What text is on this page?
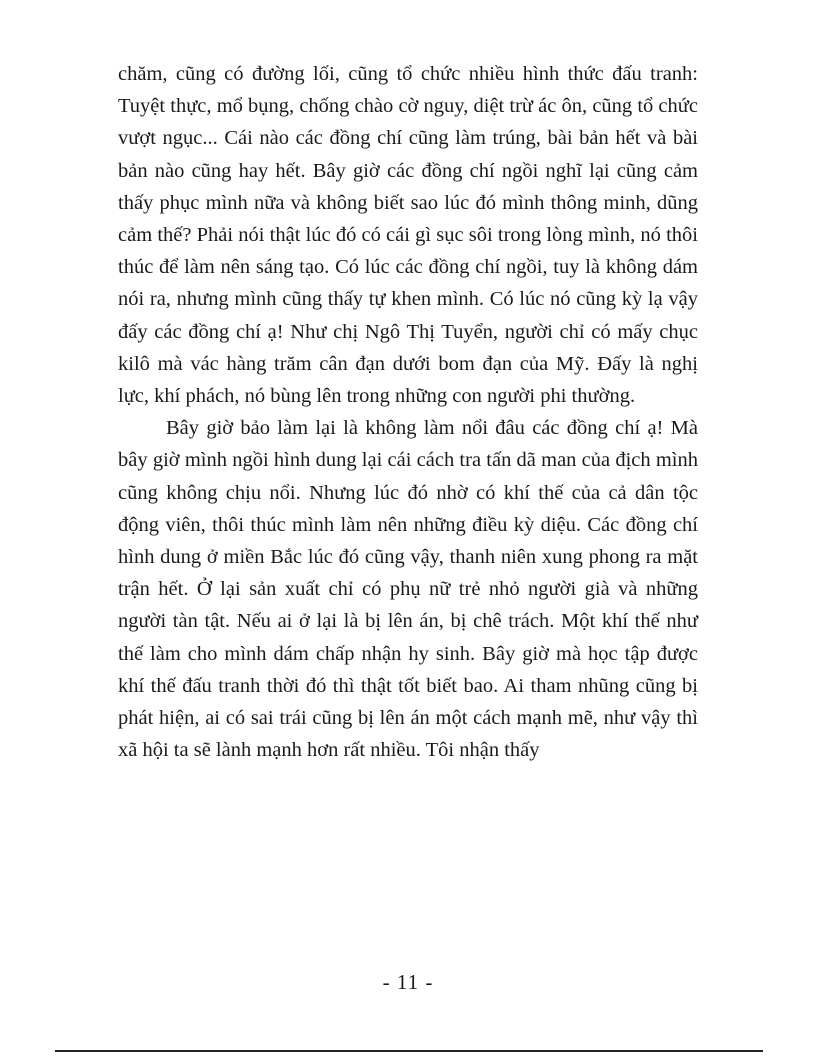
chăm, cũng có đường lối, cũng tổ chức nhiều hình thức đấu tranh: Tuyệt thực, mổ bụng, chống chào cờ nguy, diệt trừ ác ôn, cũng tổ chức vượt ngục... Cái nào các đồng chí cũng làm trúng, bài bản hết và bài bản nào cũng hay hết. Bây giờ các đồng chí ngồi nghĩ lại cũng cảm thấy phục mình nữa và không biết sao lúc đó mình thông minh, dũng cảm thế? Phải nói thật lúc đó có cái gì sục sôi trong lòng mình, nó thôi thúc để làm nên sáng tạo. Có lúc các đồng chí ngồi, tuy là không dám nói ra, nhưng mình cũng thấy tự khen mình. Có lúc nó cũng kỳ lạ vậy đấy các đồng chí ạ! Như chị Ngô Thị Tuyển, người chỉ có mấy chục kilô mà vác hàng trăm cân đạn dưới bom đạn của Mỹ. Đấy là nghị lực, khí phách, nó bùng lên trong những con người phi thường.

Bây giờ bảo làm lại là không làm nổi đâu các đồng chí ạ! Mà bây giờ mình ngồi hình dung lại cái cách tra tấn dã man của địch mình cũng không chịu nổi. Nhưng lúc đó nhờ có khí thế của cả dân tộc động viên, thôi thúc mình làm nên những điều kỳ diệu. Các đồng chí hình dung ở miền Bắc lúc đó cũng vậy, thanh niên xung phong ra mặt trận hết. Ở lại sản xuất chỉ có phụ nữ trẻ nhỏ người già và những người tàn tật. Nếu ai ở lại là bị lên án, bị chê trách. Một khí thế như thế làm cho mình dám chấp nhận hy sinh. Bây giờ mà học tập được khí thế đấu tranh thời đó thì thật tốt biết bao. Ai tham nhũng cũng bị phát hiện, ai có sai trái cũng bị lên án một cách mạnh mẽ, như vậy thì xã hội ta sẽ lành mạnh hơn rất nhiều. Tôi nhận thấy

- 11 -
